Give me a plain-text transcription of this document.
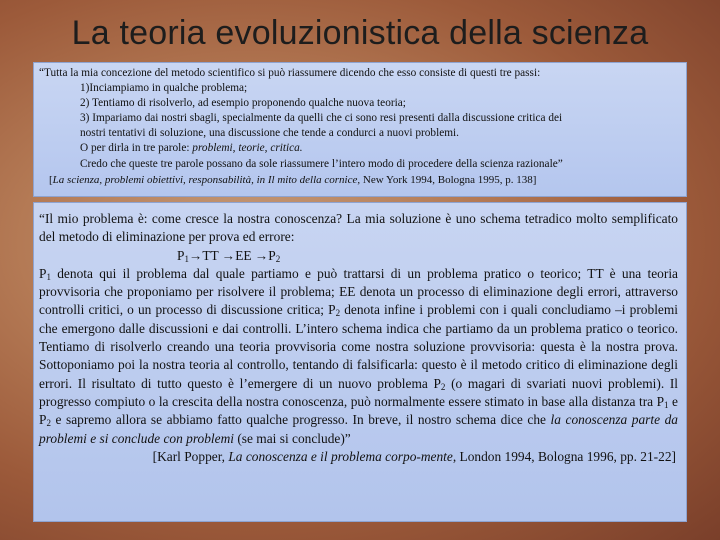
La teoria evoluzionistica della scienza
“Tutta la mia concezione del metodo scientifico si può riassumere dicendo che esso consiste di questi tre passi:
1)Inciampiamo in qualche problema;
2) Tentiamo di risolverlo, ad esempio proponendo qualche nuova teoria;
3) Impariamo dai nostri sbagli, specialmente da quelli che ci sono resi presenti dalla discussione critica dei
nostri tentativi di soluzione, una discussione che tende a condurci a nuovi problemi.
O per dirla in tre parole: problemi, teorie, critica.
Credo che queste tre parole possano da sole riassumere l’intero modo di procedere della scienza razionale”
[La scienza, problemi obiettivi, responsabilità, in Il mito della cornice, New York 1994, Bologna 1995, p. 138]

“Il mio problema è: come cresce la nostra conoscenza? La mia soluzione è uno schema tetradico molto semplificato del metodo di eliminazione per prova ed errore:

$P_1\to TT \to EE \to P_2$

$P_1$ denota qui il problema dal quale partiamo e può trattarsi di un problema pratico o teorico; TT è una teoria provvisoria che proponiamo per risolvere il problema; EE denota un processo di eliminazione degli errori, attraverso controlli critici, o un processo di discussione critica; $P_2$ denota infine i problemi con i quali concludiamo –i problemi che emergono dalle discussioni e dai controlli. L’intero schema indica che partiamo da un problema pratico o teorico. Tentiamo di risolverlo creando una teoria provvisoria come nostra soluzione provvisoria: questa è la nostra prova. Sottoponiamo poi la nostra teoria al controllo, tentando di falsificarla: questo è il metodo critico di eliminazione degli errori. Il risultato di tutto questo è l’emergere di un nuovo problema $P_2$ (o magari di svariati nuovi problemi). Il progresso compiuto o la crescita della nostra conoscenza, può normalmente essere stimato in base alla distanza tra $P_1$ e $P_2$ e sapremo allora se abbiamo fatto qualche progresso. In breve, il nostro schema dice che la conoscenza parte da problemi e si conclude con problemi (se mai si conclude)”

[Karl Popper, La conoscenza e il problema corpo-mente, London 1994, Bologna 1996, pp. 21-22]
